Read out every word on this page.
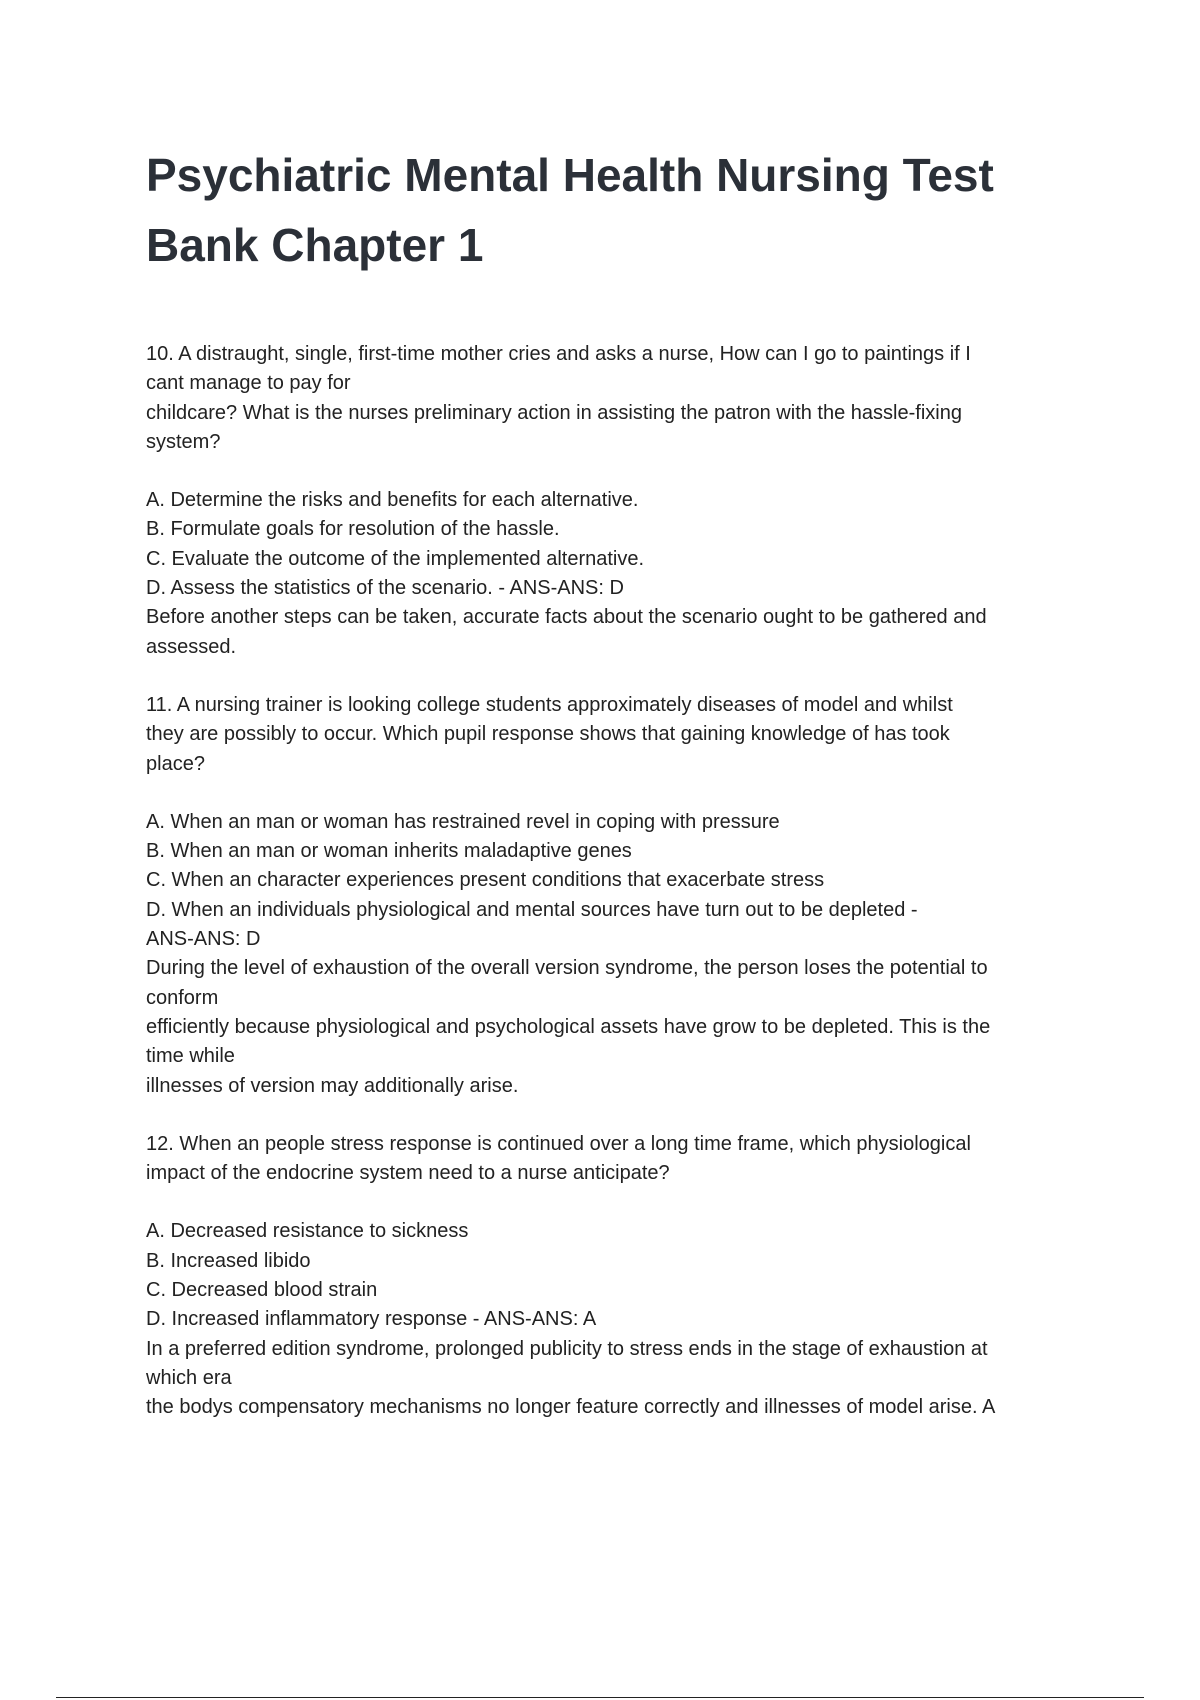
Psychiatric Mental Health Nursing Test Bank Chapter 1
10. A distraught, single, first-time mother cries and asks a nurse, How can I go to paintings if I
cant manage to pay for
childcare? What is the nurses preliminary action in assisting the patron with the hassle-fixing
system?
A. Determine the risks and benefits for each alternative.
B. Formulate goals for resolution of the hassle.
C. Evaluate the outcome of the implemented alternative.
D. Assess the statistics of the scenario. - ANS-ANS: D
Before another steps can be taken, accurate facts about the scenario ought to be gathered and
assessed.
11. A nursing trainer is looking college students approximately diseases of model and whilst
they are possibly to occur. Which pupil response shows that gaining knowledge of has took
place?
A. When an man or woman has restrained revel in coping with pressure
B. When an man or woman inherits maladaptive genes
C. When an character experiences present conditions that exacerbate stress
D. When an individuals physiological and mental sources have turn out to be depleted -
ANS-ANS: D
During the level of exhaustion of the overall version syndrome, the person loses the potential to
conform
efficiently because physiological and psychological assets have grow to be depleted. This is the
time while
illnesses of version may additionally arise.
12. When an people stress response is continued over a long time frame, which physiological
impact of the endocrine system need to a nurse anticipate?
A. Decreased resistance to sickness
B. Increased libido
C. Decreased blood strain
D. Increased inflammatory response - ANS-ANS: A
In a preferred edition syndrome, prolonged publicity to stress ends in the stage of exhaustion at
which era
the bodys compensatory mechanisms no longer feature correctly and illnesses of model arise. A
